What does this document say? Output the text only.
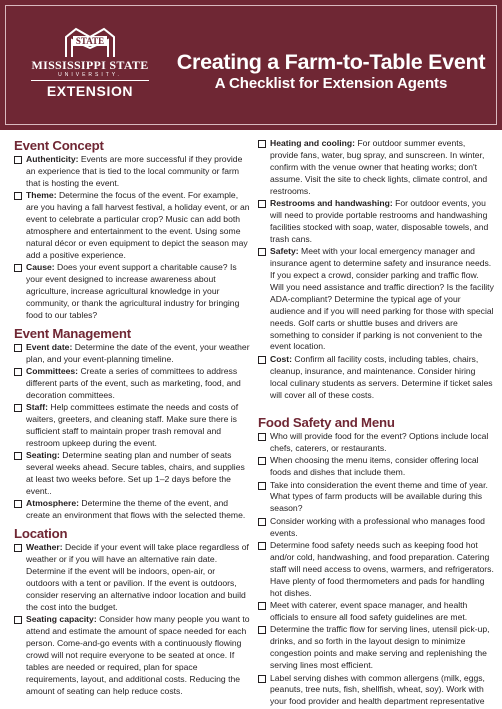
STATE
MISSISSIPPI STATE
UNIVERSITY.
EXTENSION
Creating a Farm-to-Table Event
A Checklist for Extension Agents
Event Concept
Authenticity: Events are more successful if they provide an experience that is tied to the local community or farm that is hosting the event.
Theme: Determine the focus of the event. For example, are you having a fall harvest festival, a holiday event, or an event to celebrate a particular crop? Music can add both atmosphere and entertainment to the event. Using some natural décor or even equipment to depict the season may add a positive experience.
Cause: Does your event support a charitable cause? Is your event designed to increase awareness about agriculture, increase agricultural knowledge in your community, or thank the agricultural industry for bringing food to our tables?
Event Management
Event date: Determine the date of the event, your weather plan, and your event-planning timeline.
Committees: Create a series of committees to address different parts of the event, such as marketing, food, and decoration committees.
Staff: Help committees estimate the needs and costs of waiters, greeters, and cleaning staff. Make sure there is sufficient staff to maintain proper trash removal and restroom upkeep during the event.
Seating: Determine seating plan and number of seats several weeks ahead. Secure tables, chairs, and supplies at least two weeks before. Set up 1–2 days before the event..
Atmosphere: Determine the theme of the event, and create an environment that flows with the selected theme.
Location
Weather: Decide if your event will take place regardless of weather or if you will have an alternative rain date. Determine if the event will be indoors, open-air, or outdoors with a tent or pavilion. If the event is outdoors, consider reserving an alternative indoor location and build the cost into the budget.
Seating capacity: Consider how many people you want to attend and estimate the amount of space needed for each person. Come-and-go events with a continuously flowing crowd will not require everyone to be seated at once. If tables are needed or required, plan for space requirements, layout, and additional costs. Reducing the amount of seating can help reduce costs.
Heating and cooling: For outdoor summer events, provide fans, water, bug spray, and sunscreen. In winter, confirm with the venue owner that heating works; don't assume. Visit the site to check lights, climate control, and restrooms.
Restrooms and handwashing: For outdoor events, you will need to provide portable restrooms and handwashing facilities stocked with soap, water, disposable towels, and trash cans.
Safety: Meet with your local emergency manager and insurance agent to determine safety and insurance needs. If you expect a crowd, consider parking and traffic flow. Will you need assistance and traffic direction? Is the facility ADA-compliant? Determine the typical age of your audience and if you will need parking for those with special needs. Golf carts or shuttle buses and drivers are something to consider if parking is not convenient to the event location.
Cost: Confirm all facility costs, including tables, chairs, cleanup, insurance, and maintenance. Consider hiring local culinary students as servers. Determine if ticket sales will cover all of these costs.
Food Safety and Menu
Who will provide food for the event? Options include local chefs, caterers, or restaurants.
When choosing the menu items, consider offering local foods and dishes that include them.
Take into consideration the event theme and time of year. What types of farm products will be available during this season?
Consider working with a professional who manages food events.
Determine food safety needs such as keeping food hot and/or cold, handwashing, and food preparation. Catering staff will need access to ovens, warmers, and refrigerators. Have plenty of food thermometers and pads for handling hot dishes.
Meet with caterer, event space manager, and health officials to ensure all food safety guidelines are met.
Determine the traffic flow for serving lines, utensil pick-up, drinks, and so forth in the layout design to minimize congestion points and make serving and replenishing the serving lines most efficient.
Label serving dishes with common allergens (milk, eggs, peanuts, tree nuts, fish, shellfish, wheat, soy). Work with your food provider and health department representative
